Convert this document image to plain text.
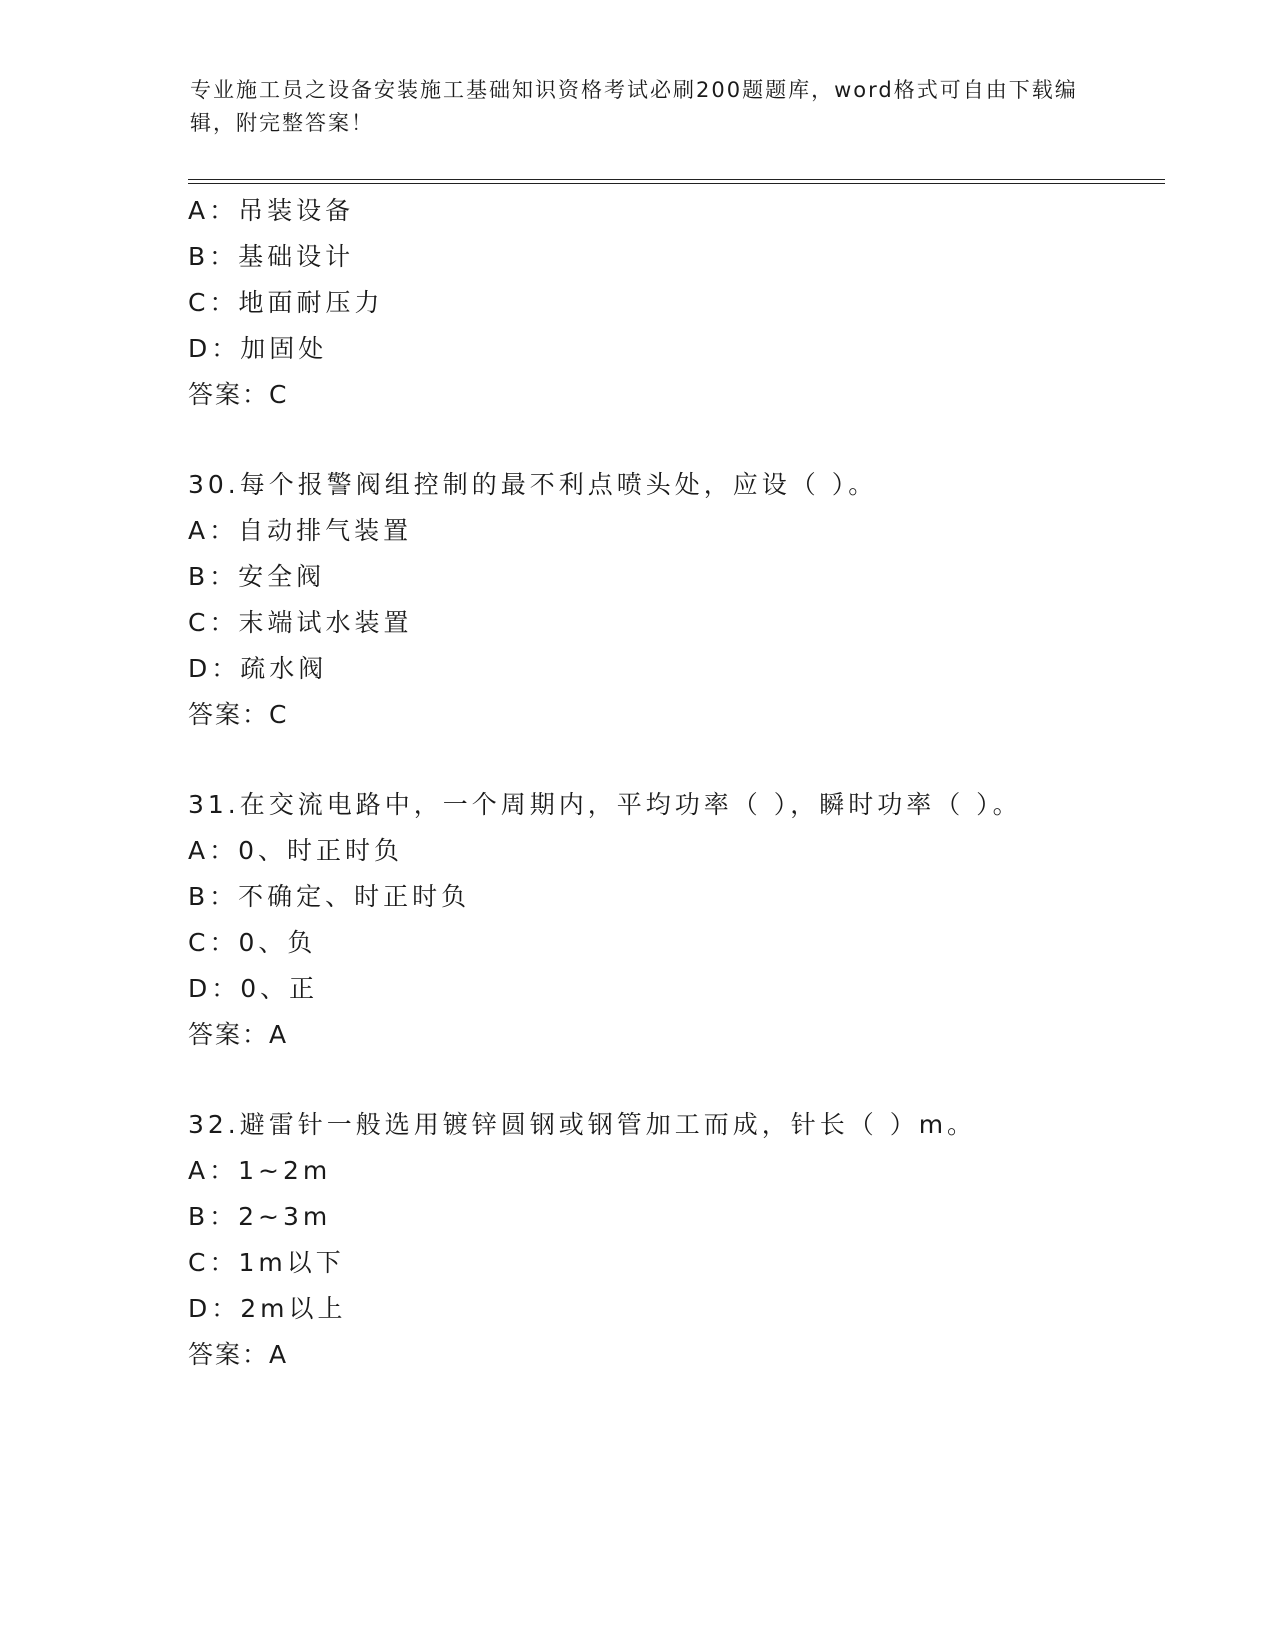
专业施工员之设备安装施工基础知识资格考试必刷200题题库，word格式可自由下载编辑，附完整答案！
A：吊装设备
B：基础设计
C：地面耐压力
D：加固处
答案：C
30.每个报警阀组控制的最不利点喷头处，应设（ ）。
A：自动排气装置
B：安全阀
C：末端试水装置
D：疏水阀
答案：C
31.在交流电路中，一个周期内，平均功率（ ），瞬时功率（ ）。
A：0、时正时负
B：不确定、时正时负
C：0、负
D：0、正
答案：A
32.避雷针一般选用镀锌圆钢或钢管加工而成，针长（ ）m。
A：1~2m
B：2~3m
C：1m以下
D：2m以上
答案：A
